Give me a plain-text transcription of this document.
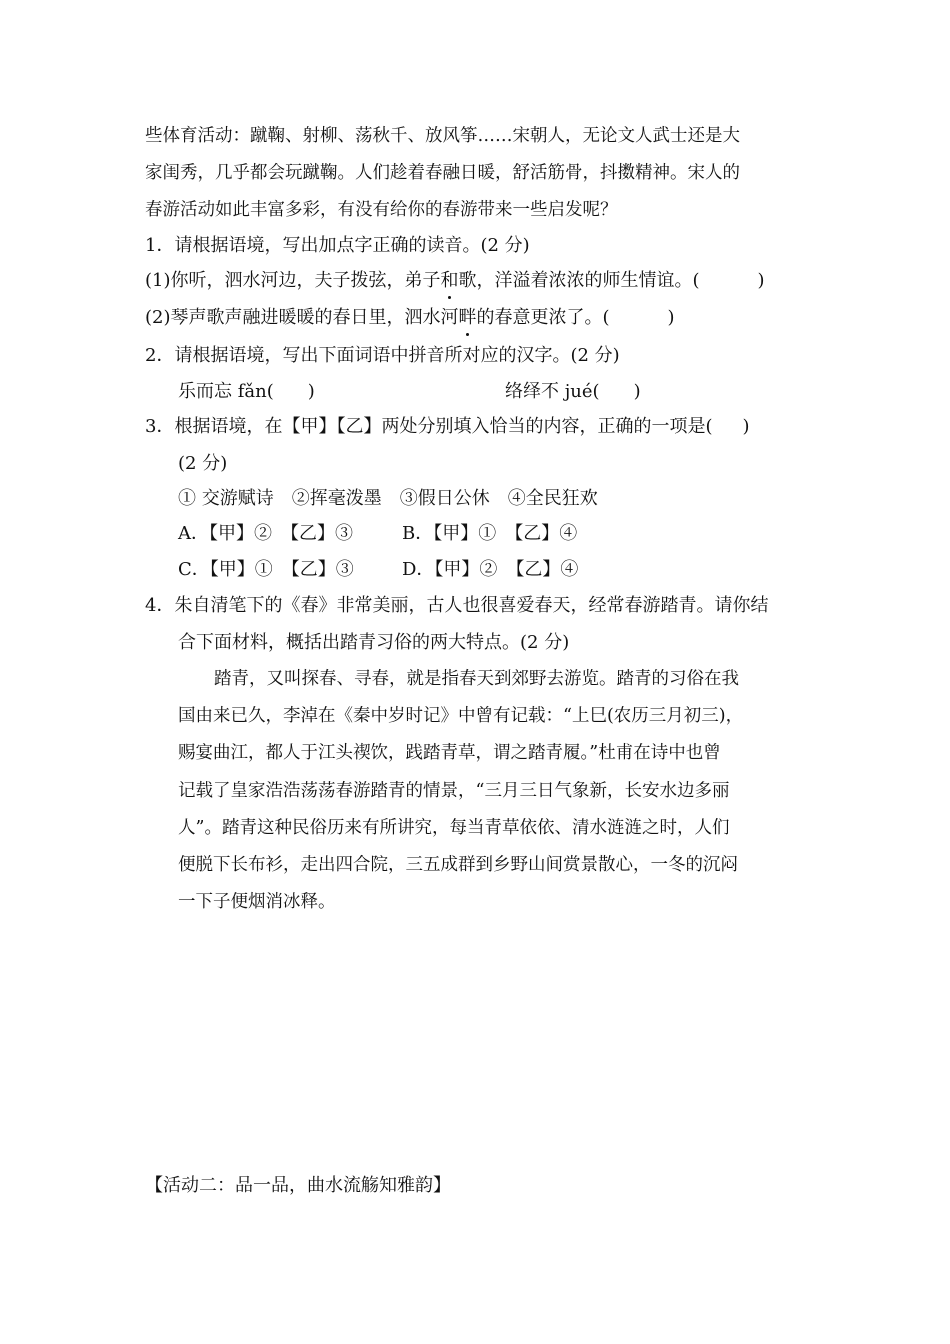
些体育活动：蹴鞠、射柳、荡秋千、放风筝……宋朝人，无论文人武士还是大
家闺秀，几乎都会玩蹴鞠。人们趁着春融日暖，舒活筋骨，抖擞精神。宋人的
春游活动如此丰富多彩，有没有给你的春游带来一些启发呢？
1．请根据语境，写出加点字正确的读音。(2 分)
(1)你听，泗水河边，夫子拨弦，弟子和歌，洋溢着浓浓的师生情谊。(	)
(2)琴声歌声融进暖暖的春日里，泗水河畔的春意更浓了。(	)
2．请根据语境，写出下面词语中拼音所对应的汉字。(2 分)
乐而忘 fǎn( )	络绎不 jué( )
3．根据语境，在【甲】【乙】两处分别填入恰当的内容，正确的一项是( )
(2 分)
① 交游赋诗　②挥毫泼墨　③假日公休　④全民狂欢
A．【甲】②　【乙】③	B．【甲】①　【乙】④
C．【甲】①　【乙】③	D．【甲】②　【乙】④
4．朱自清笔下的《春》非常美丽，古人也很喜爱春天，经常春游踏青。请你结
合下面材料，概括出踏青习俗的两大特点。(2 分)
踏青，又叫探春、寻春，就是指春天到郊野去游览。踏青的习俗在我
国由来已久，李淖在《秦中岁时记》中曾有记载：“上巳(农历三月初三)，
赐宴曲江，都人于江头禊饮，践踏青草，谓之踏青履。”杜甫在诗中也曾
记载了皇家浩浩荡荡春游踏青的情景，“三月三日气象新，长安水边多丽
人”。踏青这种民俗历来有所讲究，每当青草依依、清水涟涟之时，人们
便脱下长布衫，走出四合院，三五成群到乡野山间赏景散心，一冬的沉闷
一下子便烟消冰释。
【活动二：品一品，曲水流觞知雅韵】
